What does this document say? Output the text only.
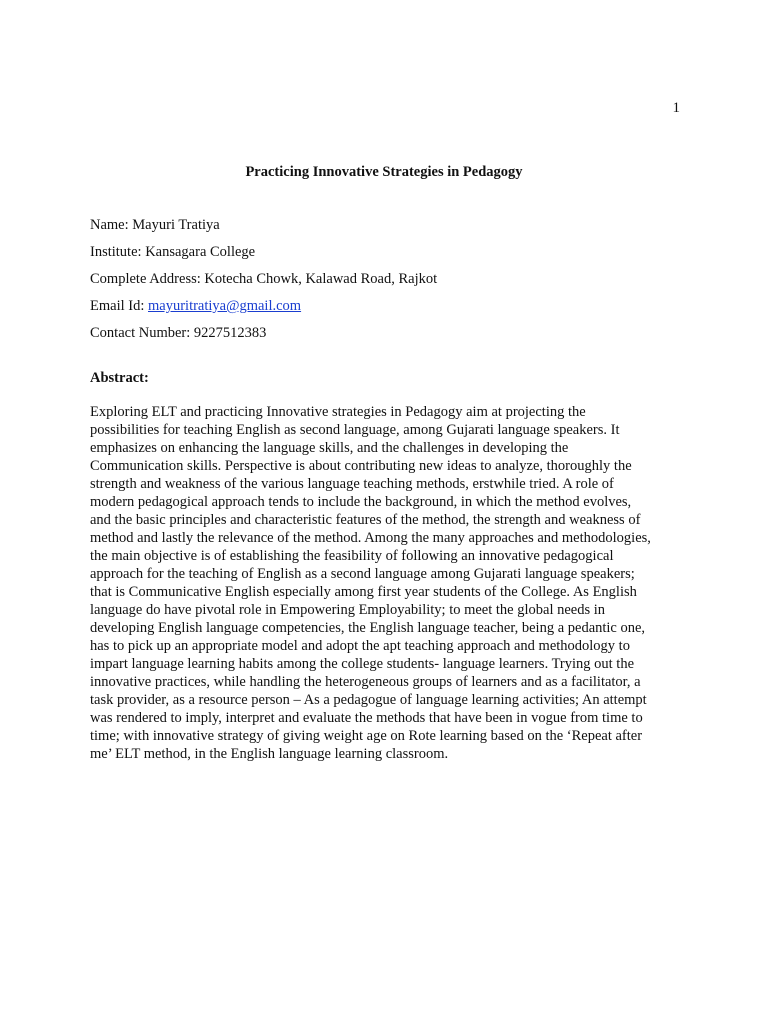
1
Practicing Innovative Strategies in Pedagogy
Name: Mayuri Tratiya
Institute: Kansagara College
Complete Address: Kotecha Chowk, Kalawad Road, Rajkot
Email Id: mayuritratiya@gmail.com
Contact Number: 9227512383
Abstract:
Exploring ELT and practicing Innovative strategies in Pedagogy aim at projecting the
possibilities for teaching English as second language, among Gujarati language speakers. It
emphasizes on enhancing the language skills, and the challenges in developing the
Communication skills. Perspective is about contributing new ideas to analyze, thoroughly the
strength and weakness of the various language teaching methods, erstwhile tried. A role of
modern pedagogical approach tends to include the background, in which the method evolves,
and the basic principles and characteristic features of the method, the strength and weakness of
method and lastly the relevance of the method. Among the many approaches and methodologies,
the main objective is of establishing the feasibility of following an innovative pedagogical
approach for the teaching of English as a second language among Gujarati language speakers;
that is Communicative English especially among first year students of the College. As English
language do have pivotal role in Empowering Employability; to meet the global needs in
developing English language competencies, the English language teacher, being a pedantic one,
has to pick up an appropriate model and adopt the apt teaching approach and methodology to
impart language learning habits among the college students- language learners. Trying out the
innovative practices, while handling the heterogeneous groups of learners and as a facilitator, a
task provider, as a resource person – As a pedagogue of language learning activities; An attempt
was rendered to imply, interpret and evaluate the methods that have been in vogue from time to
time; with innovative strategy of giving weight age on Rote learning based on the ‘Repeat after
me’ ELT method, in the English language learning classroom.
